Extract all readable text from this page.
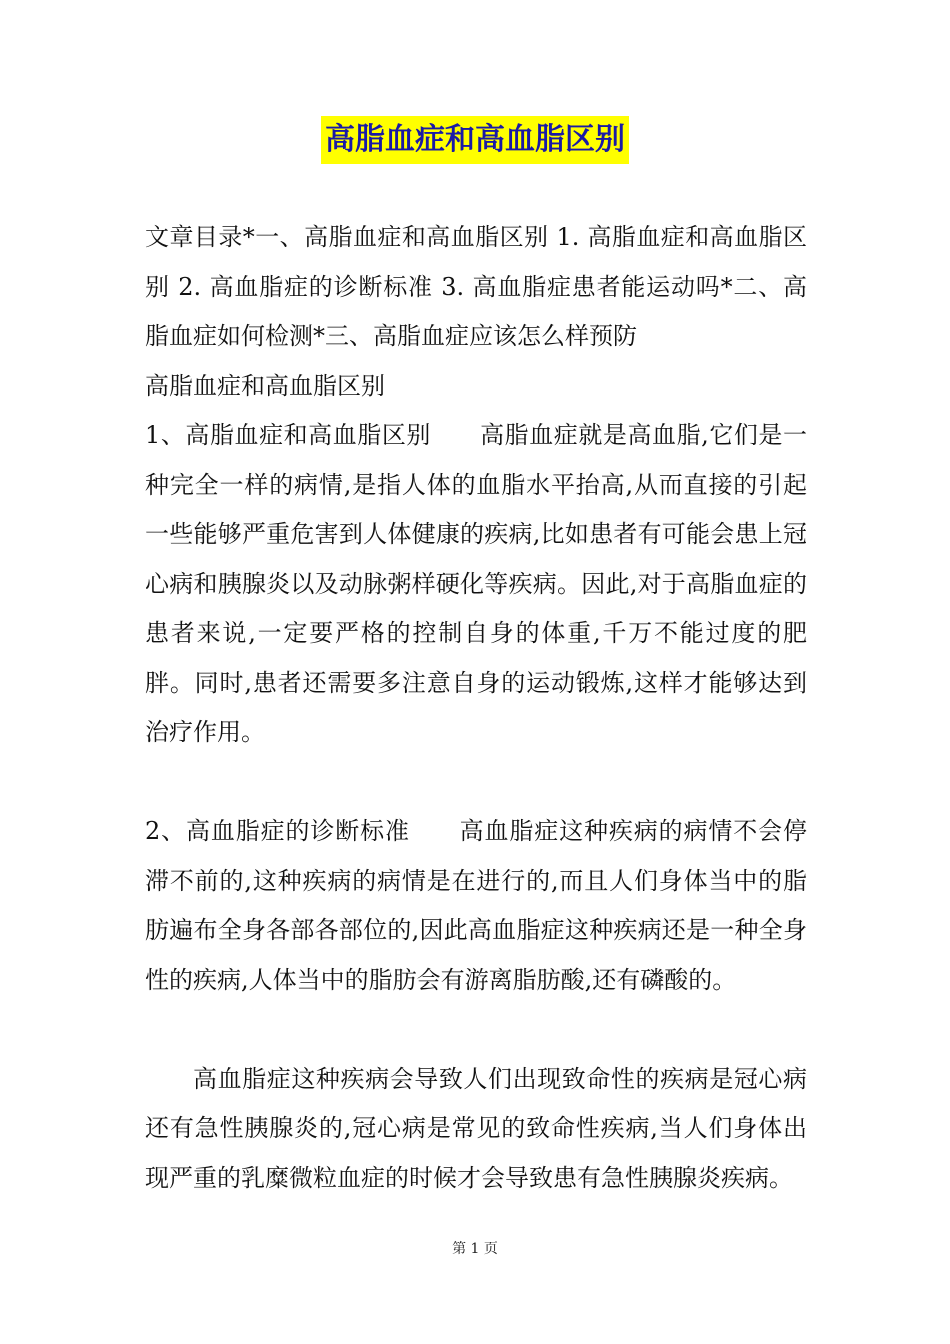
高脂血症和高血脂区别

文章目录*一、高脂血症和高血脂区别 1. 高脂血症和高血脂区别 2. 高血脂症的诊断标准 3. 高血脂症患者能运动吗*二、高脂血症如何检测*三、高脂血症应该怎么样预防

高脂血症和高血脂区别

1、高脂血症和高血脂区别　　高脂血症就是高血脂,它们是一种完全一样的病情,是指人体的血脂水平抬高,从而直接的引起一些能够严重危害到人体健康的疾病,比如患者有可能会患上冠心病和胰腺炎以及动脉粥样硬化等疾病。因此,对于高脂血症的患者来说,一定要严格的控制自身的体重,千万不能过度的肥胖。同时,患者还需要多注意自身的运动锻炼,这样才能够达到治疗作用。

2、高血脂症的诊断标准　　高血脂症这种疾病的病情不会停滞不前的,这种疾病的病情是在进行的,而且人们身体当中的脂肪遍布全身各部各部位的,因此高血脂症这种疾病还是一种全身性的疾病,人体当中的脂肪会有游离脂肪酸,还有磷酸的。

高血脂症这种疾病会导致人们出现致命性的疾病是冠心病还有急性胰腺炎的,冠心病是常见的致命性疾病,当人们身体出现严重的乳糜微粒血症的时候才会导致患有急性胰腺炎疾病。

第 1 页
